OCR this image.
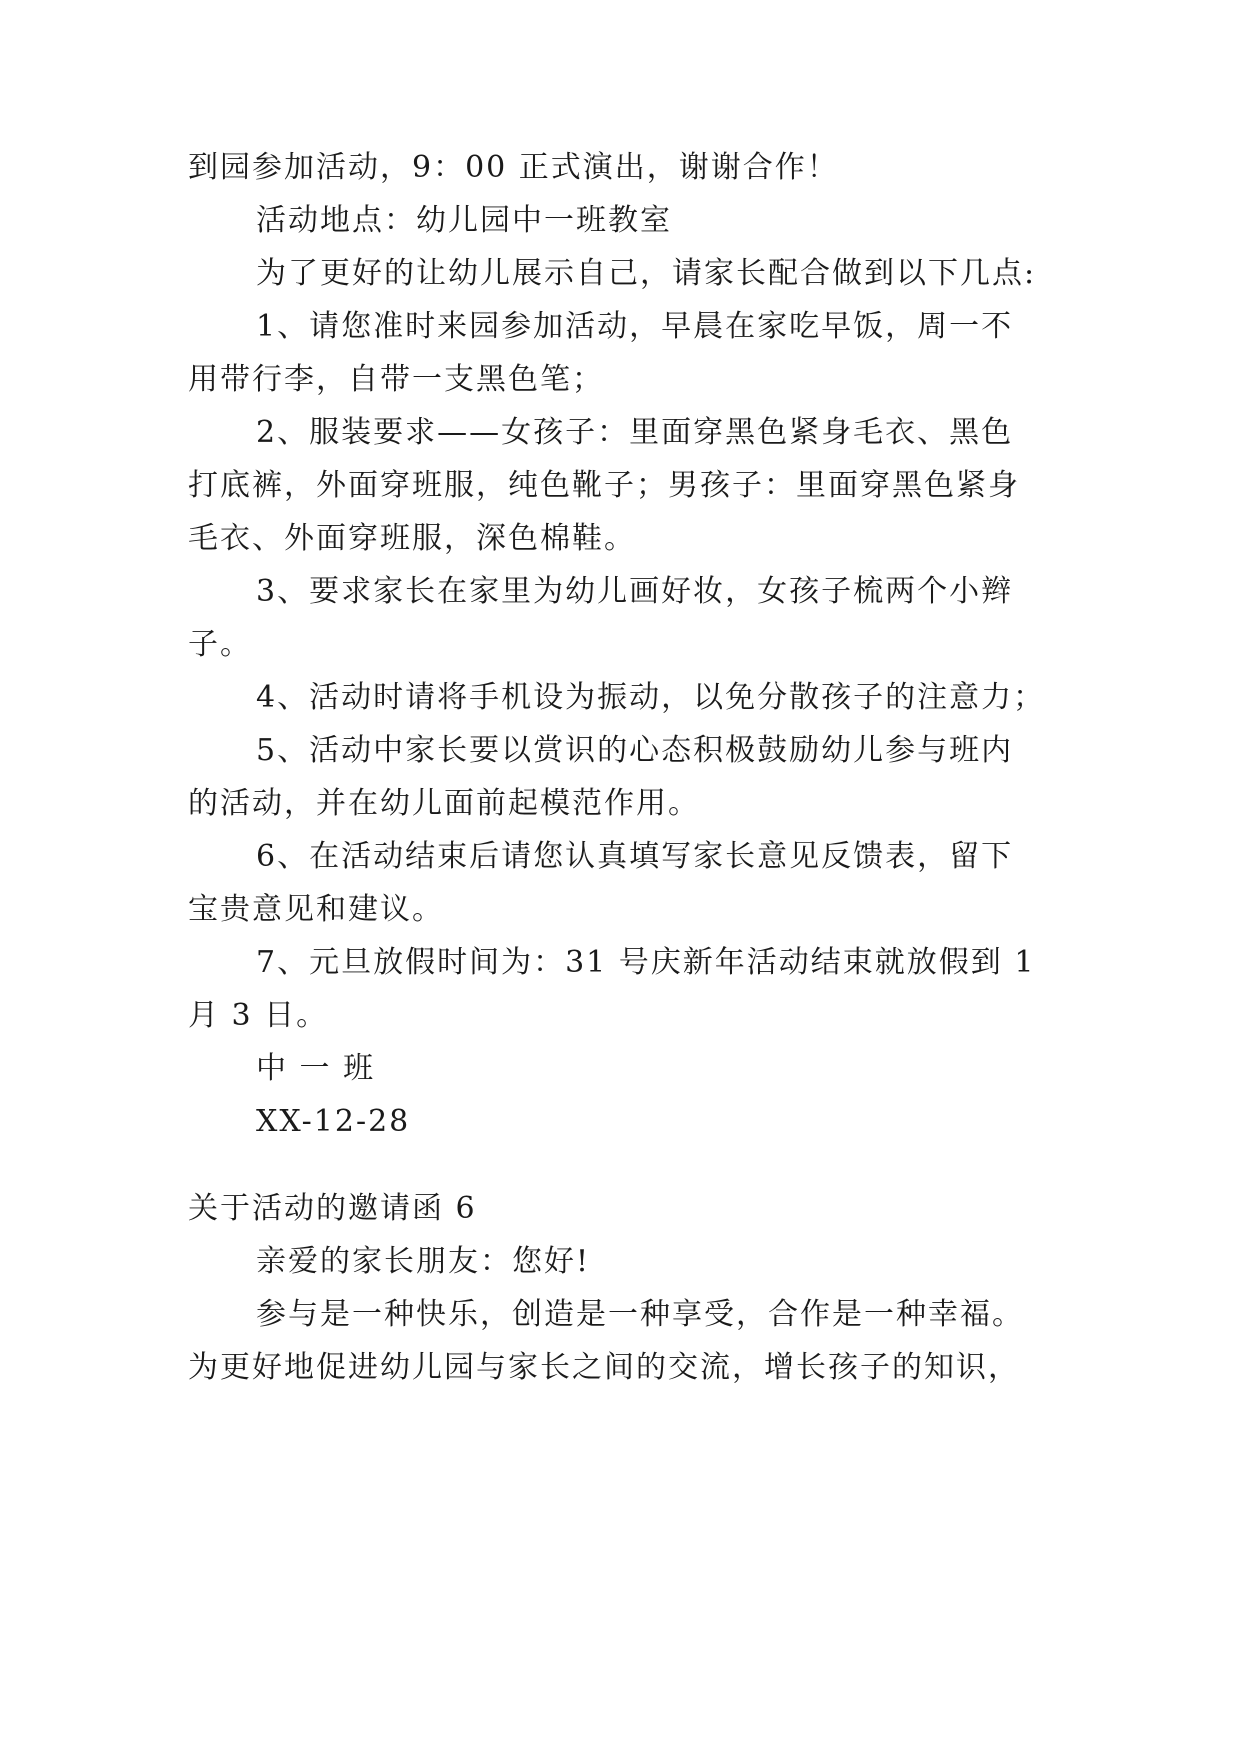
到园参加活动，9：00 正式演出，谢谢合作！
活动地点：幼儿园中一班教室
为了更好的让幼儿展示自己，请家长配合做到以下几点:
1、请您准时来园参加活动，早晨在家吃早饭，周一不
用带行李，自带一支黑色笔；
2、服装要求——女孩子：里面穿黑色紧身毛衣、黑色
打底裤，外面穿班服，纯色靴子；男孩子：里面穿黑色紧身
毛衣、外面穿班服，深色棉鞋。
3、要求家长在家里为幼儿画好妆，女孩子梳两个小辫
子。
4、活动时请将手机设为振动，以免分散孩子的注意力；
5、活动中家长要以赏识的心态积极鼓励幼儿参与班内
的活动，并在幼儿面前起模范作用。
6、在活动结束后请您认真填写家长意见反馈表，留下
宝贵意见和建议。
7、元旦放假时间为：31 号庆新年活动结束就放假到 1
月 3 日。
中 一 班
XX-12-28
关于活动的邀请函 6
亲爱的家长朋友：您好!
参与是一种快乐，创造是一种享受，合作是一种幸福。
为更好地促进幼儿园与家长之间的交流，增长孩子的知识，
